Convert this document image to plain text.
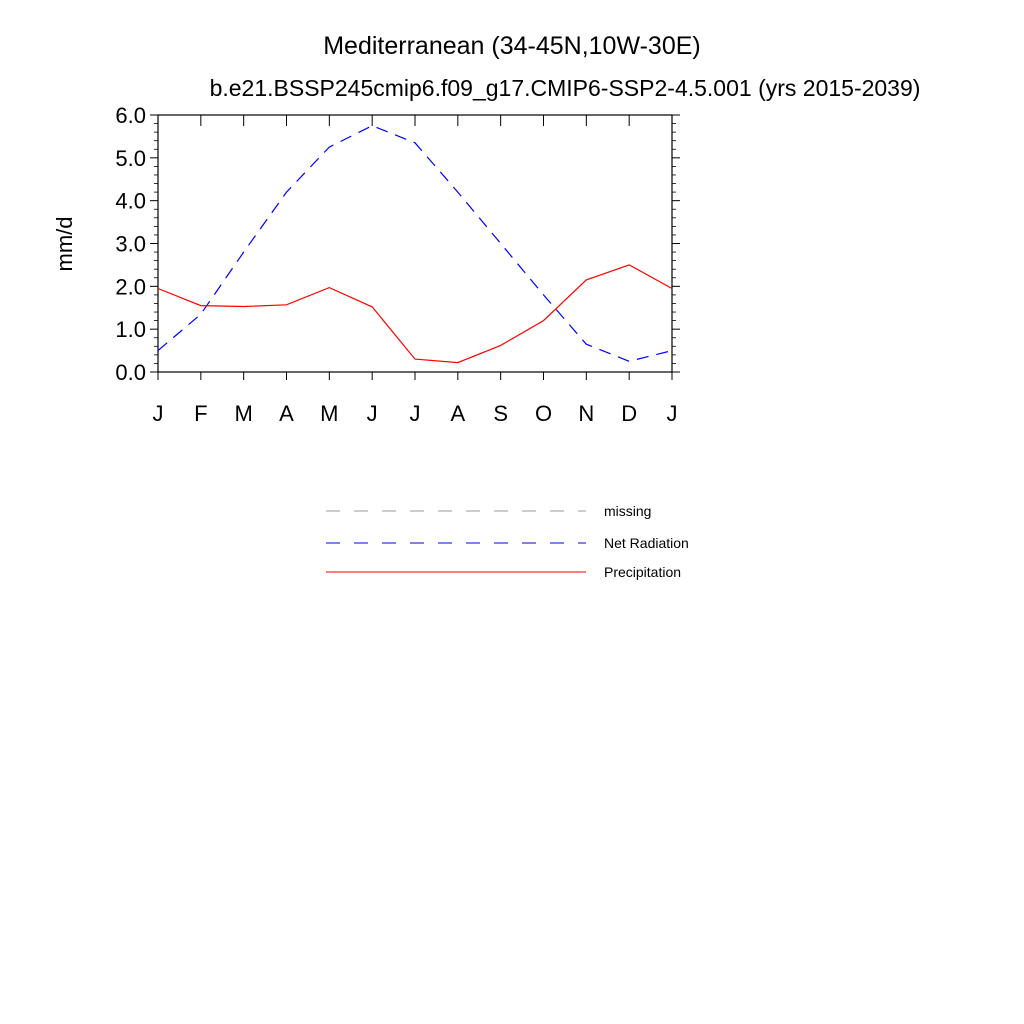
Mediterranean (34-45N,10W-30E)
b.e21.BSSP245cmip6.f09_g17.CMIP6-SSP2-4.5.001 (yrs 2015-2039)
mm/d
0.0
1.0
2.0
3.0
4.0
5.0
6.0
J F M A M J J A S O N D J
missing
Net Radiation
Precipitation
